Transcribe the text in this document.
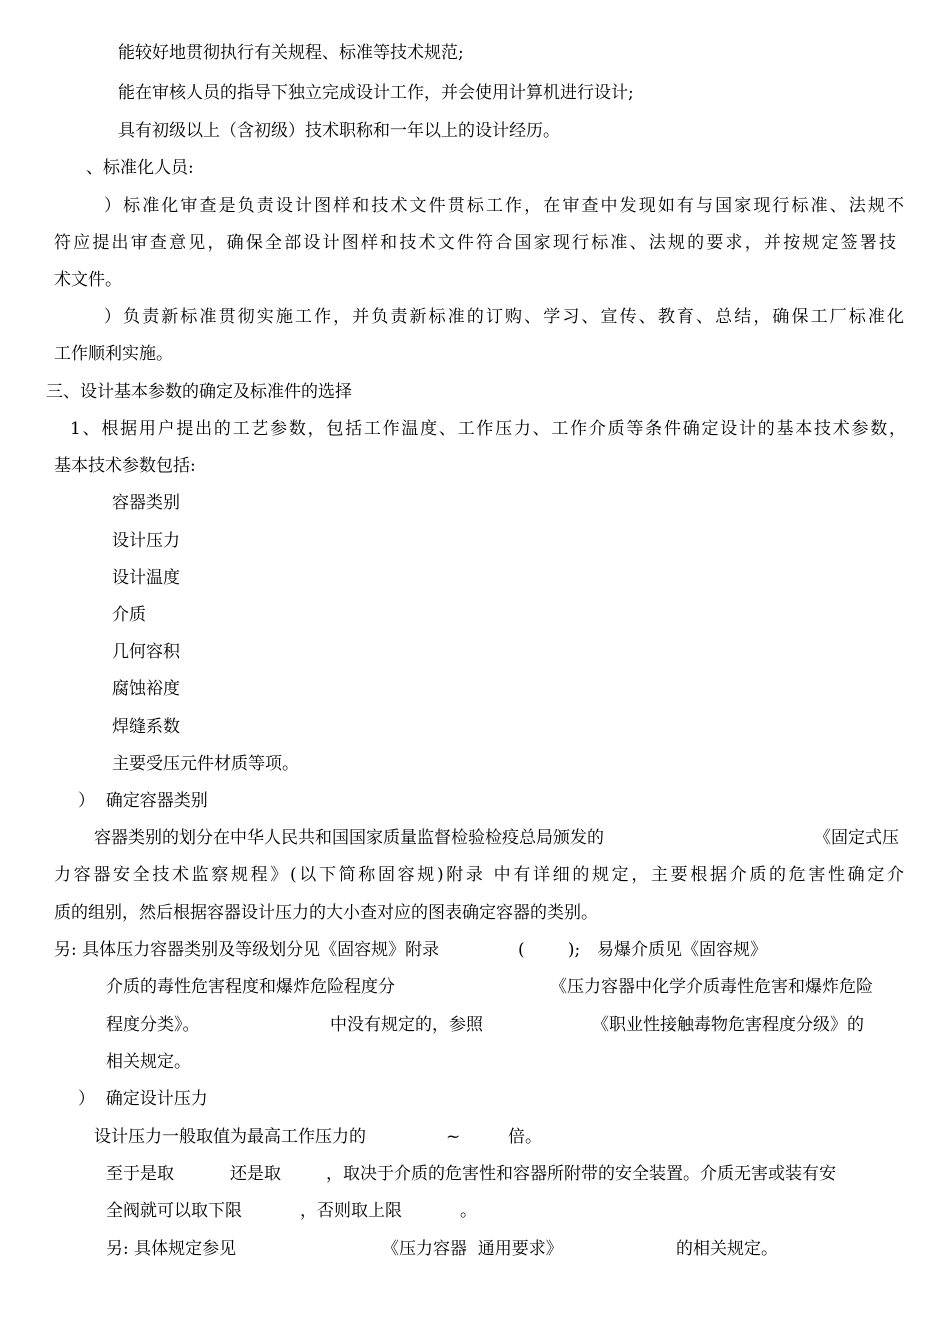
能较好地贯彻执行有关规程、标准等技术规范;
能在审核人员的指导下独立完成设计工作，并会使用计算机进行设计;
具有初级以上（含初级）技术职称和一年以上的设计经历。
、标准化人员:
）标准化审查是负责设计图样和技术文件贯标工作，在审查中发现如有与国家现行标准、法规不
符应提出审查意见，确保全部设计图样和技术文件符合国家现行标准、法规的要求，并按规定签署技
术文件。
）负责新标准贯彻实施工作，并负责新标准的订购、学习、宣传、教育、总结，确保工厂标准化
工作顺利实施。
三、设计基本参数的确定及标准件的选择
1、根据用户提出的工艺参数，包括工作温度、工作压力、工作介质等条件确定设计的基本技术参数，
基本技术参数包括:
容器类别
设计压力
设计温度
介质
几何容积
腐蚀裕度
焊缝系数
主要受压元件材质等项。
）  确定容器类别
容器类别的划分在中华人民共和国国家质量监督检验检疫总局颁发的	《固定式压
力容器安全技术监察规程》(以下简称固容规)附录 中有详细的规定，主要根据介质的危害性确定介
质的组别，然后根据容器设计压力的大小查对应的图表确定容器的类别。
另: 具体压力容器类别及等级划分见《固容规》附录	(        ); 易爆介质见《固容规》
介质的毒性危害程度和爆炸危险程度分	《压力容器中化学介质毒性危害和爆炸危险
程度分类》。	中没有规定的，参照	《职业性接触毒物危害程度分级》的
相关规定。
）  确定设计压力
设计压力一般取值为最高工作压力的	~	倍。
至于是取	还是取	，取决于介质的危害性和容器所附带的安全装置。介质无害或装有安
全阀就可以取下限	，否则取上限	。
另: 具体规定参见	《压力容器  通用要求》	的相关规定。
